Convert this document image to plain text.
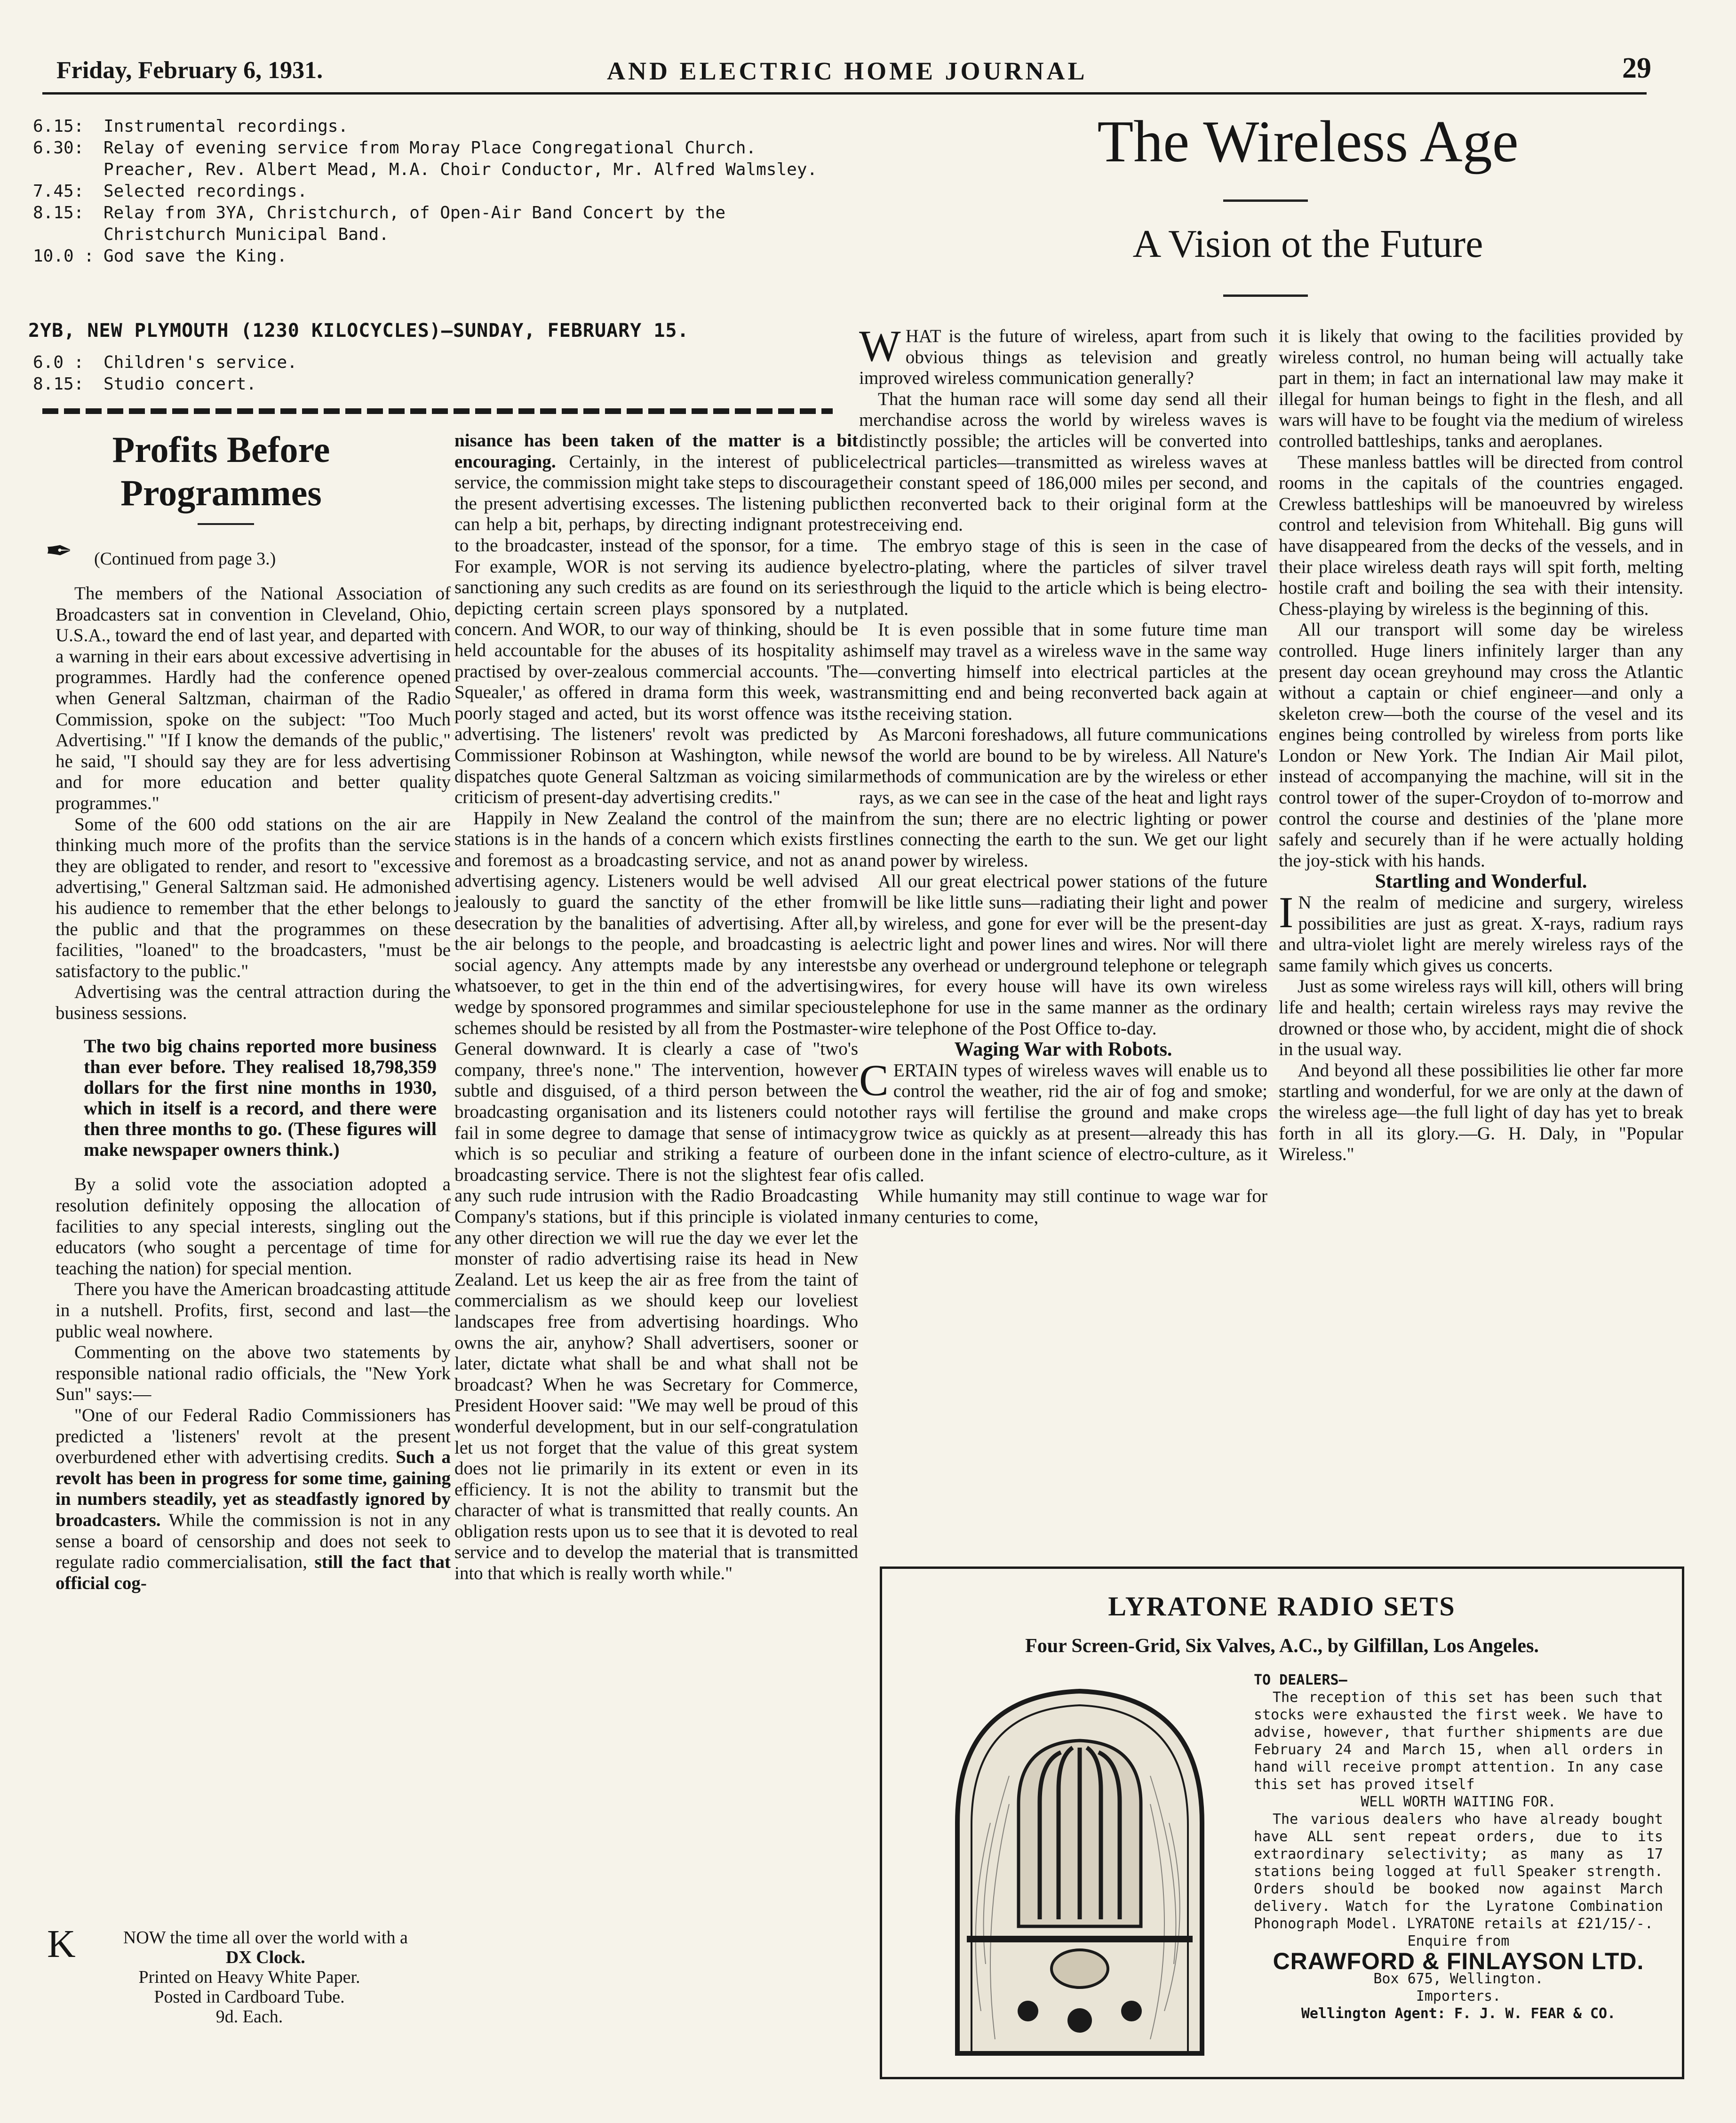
Friday, February 6, 1931.	AND ELECTRIC HOME JOURNAL	29
6.15: Instrumental recordings.
6.30: Relay of evening service from Moray Place Congregational Church. Preacher, Rev. Albert Mead, M.A. Choir Conductor, Mr. Alfred Walmsley.
7.45: Selected recordings.
8.15: Relay from 3YA, Christchurch, of Open-Air Band Concert by the Christchurch Municipal Band.
10.0 : God save the King.
2YB, NEW PLYMOUTH (1230 KILOCYCLES)—SUNDAY, FEBRUARY 15.
6.0 : Children's service.
8.15: Studio concert.
Profits Before
Programmes
✒ (Continued from page 3.)

The members of the National Association of Broadcasters sat in convention in Cleveland, Ohio, U.S.A., toward the end of last year, and departed with a warning in their ears about excessive advertising in programmes. Hardly had the conference opened when General Saltzman, chairman of the Radio Commission, spoke on the subject: "Too Much Advertising." "If I know the demands of the public," he said, "I should say they are for less advertising and for more education and better quality programmes."

Some of the 600 odd stations on the air are thinking much more of the profits than the service they are obligated to render, and resort to "excessive advertising," General Saltzman said. He admonished his audience to remember that the ether belongs to the public and that the programmes on these facilities, "loaned" to the broadcasters, "must be satisfactory to the public."

Advertising was the central attraction during the business sessions.

The two big chains reported more business than ever before. They realised 18,798,359 dollars for the first nine months in 1930, which in itself is a record, and there were then three months to go. (These figures will make newspaper owners think.)

By a solid vote the association adopted a resolution definitely opposing the allocation of facilities to any special interests, singling out the educators (who sought a percentage of time for teaching the nation) for special mention.

There you have the American broadcasting attitude in a nutshell. Profits, first, second and last—the public weal nowhere.

Commenting on the above two statements by responsible national radio officials, the "New York Sun" says:—

"One of our Federal Radio Commissioners has predicted a 'listeners' revolt at the present overburdened ether with advertising credits. Such a revolt has been in progress for some time, gaining in numbers steadily, yet as steadfastly ignored by broadcasters. While the commission is not in any sense a board of censorship and does not seek to regulate radio commercialisation, still the fact that official cog-

K	NOW the time all over the world with a
DX Clock.
Printed on Heavy White Paper.
Posted in Cardboard Tube.
9d. Each.

nisance has been taken of the matter is a bit encouraging. Certainly, in the interest of public service, the commission might take steps to discourage the present advertising excesses. The listening public can help a bit, perhaps, by directing indignant protest to the broadcaster, instead of the sponsor, for a time. For example, WOR is not serving its audience by sanctioning any such credits as are found on its series depicting certain screen plays sponsored by a nut concern. And WOR, to our way of thinking, should be held accountable for the abuses of its hospitality as practised by over-zealous commercial accounts. 'The Squealer,' as offered in drama form this week, was poorly staged and acted, but its worst offence was its advertising. The listeners' revolt was predicted by Commissioner Robinson at Washington, while news dispatches quote General Saltzman as voicing similar criticism of present-day advertising credits."

Happily in New Zealand the control of the main stations is in the hands of a concern which exists first and foremost as a broadcasting service, and not as an advertising agency. Listeners would be well advised jealously to guard the sanctity of the ether from desecration by the banalities of advertising. After all, the air belongs to the people, and broadcasting is a social agency. Any attempts made by any interests whatsoever, to get in the thin end of the advertising wedge by sponsored programmes and similar specious schemes should be resisted by all from the Postmaster-General downward. It is clearly a case of "two's company, three's none." The intervention, however subtle and disguised, of a third person between the broadcasting organisation and its listeners could not fail in some degree to damage that sense of intimacy which is so peculiar and striking a feature of our broadcasting service. There is not the slightest fear of any such rude intrusion with the Radio Broadcasting Company's stations, but if this principle is violated in any other direction we will rue the day we ever let the monster of radio advertising raise its head in New Zealand. Let us keep the air as free from the taint of commercialism as we should keep our loveliest landscapes free from advertising hoardings. Who owns the air, anyhow? Shall advertisers, sooner or later, dictate what shall be and what shall not be broadcast? When he was Secretary for Commerce, President Hoover said: "We may well be proud of this wonderful development, but in our self-congratulation let us not forget that the value of this great system does not lie primarily in its extent or even in its efficiency. It is not the ability to transmit but the character of what is transmitted that really counts. An obligation rests upon us to see that it is devoted to real service and to develop the material that is transmitted into that which is really worth while."

The Wireless Age
A Vision ot the Future

WHAT is the future of wireless, apart from such obvious things as television and greatly improved wireless communication generally?

That the human race will some day send all their merchandise across the world by wireless waves is distinctly possible; the articles will be converted into electrical particles—transmitted as wireless waves at their constant speed of 186,000 miles per second, and then reconverted back to their original form at the receiving end.

The embryo stage of this is seen in the case of electro-plating, where the particles of silver travel through the liquid to the article which is being electro-plated.

It is even possible that in some future time man himself may travel as a wireless wave in the same way—converting himself into electrical particles at the transmitting end and being reconverted back again at the receiving station.

As Marconi foreshadows, all future communications of the world are bound to be by wireless. All Nature's methods of communication are by the wireless or ether rays, as we can see in the case of the heat and light rays from the sun; there are no electric lighting or power lines connecting the earth to the sun. We get our light and power by wireless.

All our great electrical power stations of the future will be like little suns—radiating their light and power by wireless, and gone for ever will be the present-day electric light and power lines and wires. Nor will there be any overhead or underground telephone or telegraph wires, for every house will have its own wireless telephone for use in the same manner as the ordinary wire telephone of the Post Office to-day.

Waging War with Robots.

CERTAIN types of wireless waves will enable us to control the weather, rid the air of fog and smoke; other rays will fertilise the ground and make crops grow twice as quickly as at present—already this has been done in the infant science of electro-culture, as it is called.

While humanity may still continue to wage war for many centuries to come,

it is likely that owing to the facilities provided by wireless control, no human being will actually take part in them; in fact an international law may make it illegal for human beings to fight in the flesh, and all wars will have to be fought via the medium of wireless controlled battleships, tanks and aeroplanes.

These manless battles will be directed from control rooms in the capitals of the countries engaged. Crewless battleships will be manoeuvred by wireless control and television from Whitehall. Big guns will have disappeared from the decks of the vessels, and in their place wireless death rays will spit forth, melting hostile craft and boiling the sea with their intensity. Chess-playing by wireless is the beginning of this.

All our transport will some day be wireless controlled. Huge liners infinitely larger than any present day ocean greyhound may cross the Atlantic without a captain or chief engineer—and only a skeleton crew—both the course of the vesel and its engines being controlled by wireless from ports like London or New York. The Indian Air Mail pilot, instead of accompanying the machine, will sit in the control tower of the super-Croydon of to-morrow and control the course and destinies of the 'plane more safely and securely than if he were actually holding the joy-stick with his hands.

Startling and Wonderful.

I N the realm of medicine and surgery, wireless possibilities are just as great. X-rays, radium rays and ultra-violet light are merely wireless rays of the same family which gives us concerts.

Just as some wireless rays will kill, others will bring life and health; certain wireless rays may revive the drowned or those who, by accident, might die of shock in the usual way.

And beyond all these possibilities lie other far more startling and wonderful, for we are only at the dawn of the wireless age—the full light of day has yet to break forth in all its glory.—G. H. Daly, in "Popular Wireless."

LYRATONE RADIO SETS
Four Screen-Grid, Six Valves, A.C., by Gilfillan, Los Angeles.
TO DEALERS—
The reception of this set has been such that stocks were exhausted the first week. We have to advise, however, that further shipments are due February 24 and March 15, when all orders in hand will receive prompt attention. In any case this set has proved itself
WELL WORTH WAITING FOR.
The various dealers who have already bought have ALL sent repeat orders, due to its extraordinary selectivity; as many as 17 stations being logged at full Speaker strength. Orders should be booked now against March delivery. Watch for the Lyratone Combination Phonograph Model. LYRATONE retails at £21/15/-.
Enquire from
CRAWFORD & FINLAYSON LTD.
Box 675, Wellington.
Importers.
Wellington Agent: F. J. W. FEAR & CO.
